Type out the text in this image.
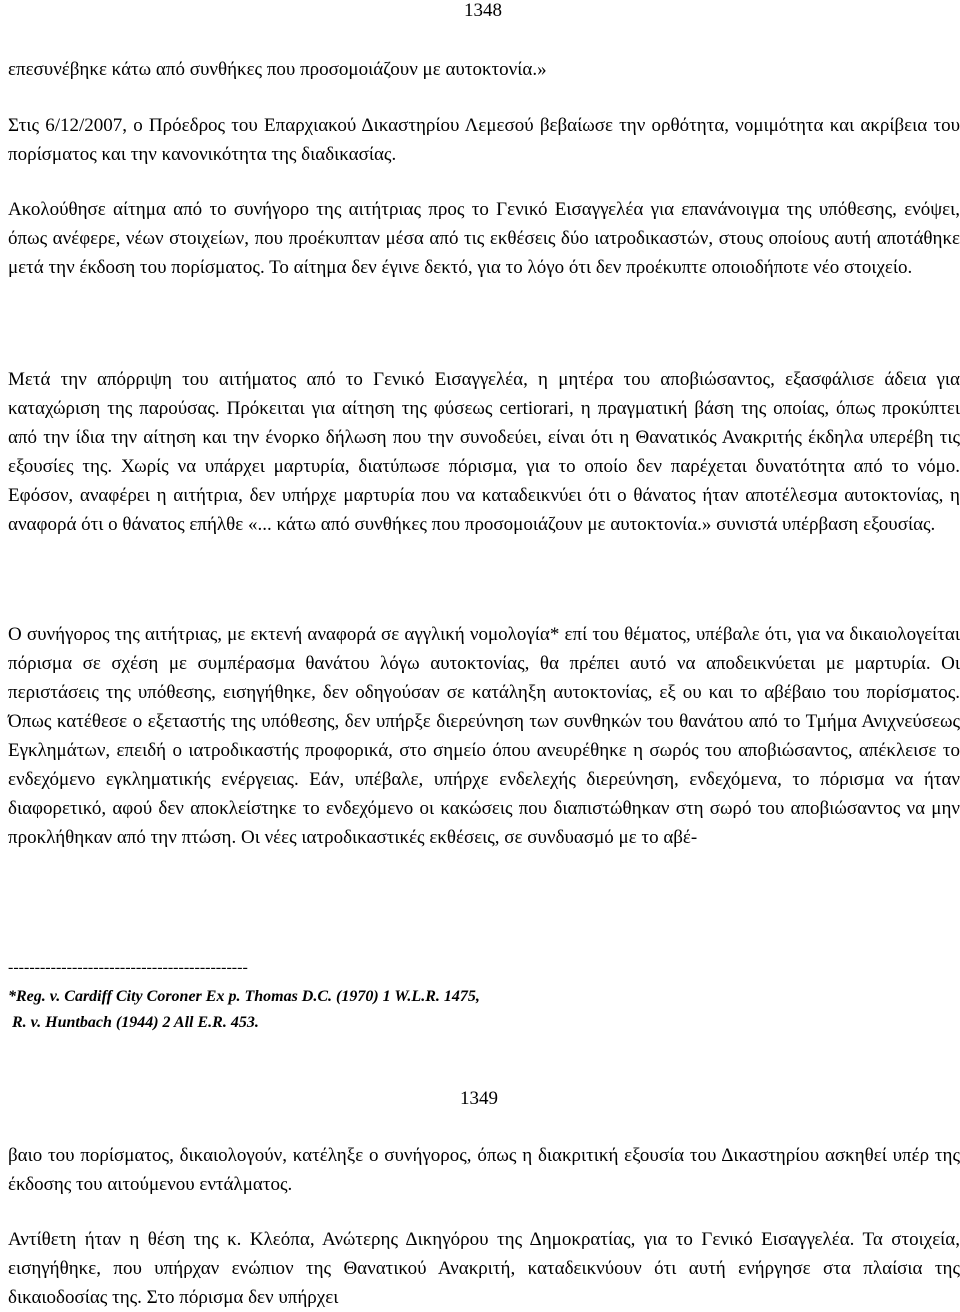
1348

επεσυνέβηκε κάτω από συνθήκες που προσομοιάζουν με αυτοκτονία.»

Στις 6/12/2007, ο Πρόεδρος του Επαρχιακού Δικαστηρίου Λεμεσού βεβαίωσε την ορθότητα, νομιμότητα και ακρίβεια του πορίσματος και την κανονικότητα της διαδικασίας.

Ακολούθησε αίτημα από το συνήγορο της αιτήτριας προς το Γενικό Εισαγγελέα για επανάνοιγμα της υπόθεσης, ενόψει, όπως ανέφερε, νέων στοιχείων, που προέκυπταν μέσα από τις εκθέσεις δύο ιατροδικαστών, στους οποίους αυτή αποτάθηκε μετά την έκδοση του πορίσματος. Το αίτημα δεν έγινε δεκτό, για το λόγο ότι δεν προέκυπτε οποιοδήποτε νέο στοιχείο.

Μετά την απόρριψη του αιτήματος από το Γενικό Εισαγγελέα, η μητέρα του αποβιώσαντος, εξασφάλισε άδεια για καταχώριση της παρούσας. Πρόκειται για αίτηση της φύσεως certiorari, η πραγματική βάση της οποίας, όπως προκύπτει από την ίδια την αίτηση και την ένορκο δήλωση που την συνοδεύει, είναι ότι η Θανατικός Ανακριτής έκδηλα υπερέβη τις εξουσίες της. Χωρίς να υπάρχει μαρτυρία, διατύπωσε πόρισμα, για το οποίο δεν παρέχεται δυνατότητα από το νόμο. Εφόσον, αναφέρει η αιτήτρια, δεν υπήρχε μαρτυρία που να καταδεικνύει ότι ο θάνατος ήταν αποτέλεσμα αυτοκτονίας, η αναφορά ότι ο θάνατος επήλθε «... κάτω από συνθήκες που προσομοιάζουν με αυτοκτονία.» συνιστά υπέρβαση εξουσίας.

Ο συνήγορος της αιτήτριας, με εκτενή αναφορά σε αγγλική νομολογία* επί του θέματος, υπέβαλε ότι, για να δικαιολογείται πόρισμα σε σχέση με συμπέρασμα θανάτου λόγω αυτοκτονίας, θα πρέπει αυτό να αποδεικνύεται με μαρτυρία. Οι περιστάσεις της υπόθεσης, εισηγήθηκε, δεν οδηγούσαν σε κατάληξη αυτοκτονίας, εξ ου και το αβέβαιο του πορίσματος. Όπως κατέθεσε ο εξεταστής της υπόθεσης, δεν υπήρξε διερεύνηση των συνθηκών του θανάτου από το Τμήμα Ανιχνεύσεως Εγκλημάτων, επειδή ο ιατροδικαστής προφορικά, στο σημείο όπου ανευρέθηκε η σωρός του αποβιώσαντος, απέκλεισε το ενδεχόμενο εγκληματικής ενέργειας. Εάν, υπέβαλε, υπήρχε ενδελεχής διερεύνηση, ενδεχόμενα, το πόρισμα να ήταν διαφορετικό, αφού δεν αποκλείστηκε το ενδεχόμενο οι κακώσεις που διαπιστώθηκαν στη σωρό του αποβιώσαντος να μην προκλήθηκαν από την πτώση. Οι νέες ιατροδικαστικές εκθέσεις, σε συνδυασμό με το αβέ-

---------------------------------------------
*Reg. v. Cardiff City Coroner Ex p. Thomas D.C. (1970) 1 W.L.R. 1475,
R. v. Huntbach (1944) 2 All E.R. 453.
1349

βαιο του πορίσματος, δικαιολογούν, κατέληξε ο συνήγορος, όπως η διακριτική εξουσία του Δικαστηρίου ασκηθεί υπέρ της έκδοσης του αιτούμενου εντάλματος.

Αντίθετη ήταν η θέση της κ. Κλεόπα, Ανώτερης Δικηγόρου της Δημοκρατίας, για το Γενικό Εισαγγελέα. Τα στοιχεία, εισηγήθηκε, που υπήρχαν ενώπιον της Θανατικού Ανακριτή, καταδεικνύουν ότι αυτή ενήργησε στα πλαίσια της δικαιοδοσίας της. Στο πόρισμα δεν υπήρχει
